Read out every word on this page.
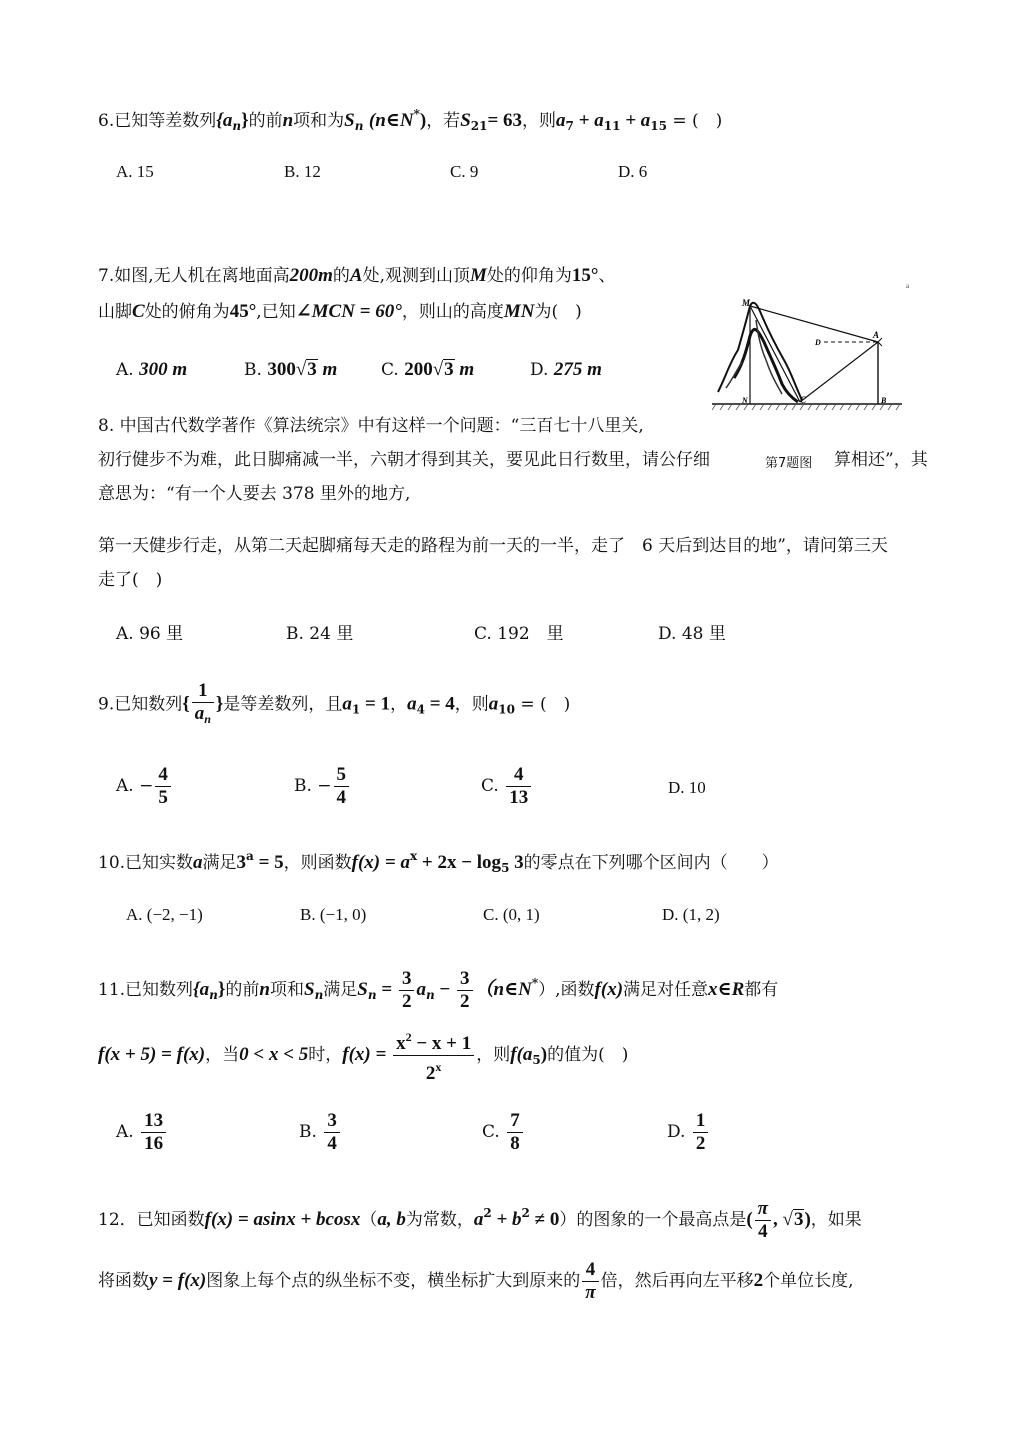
6.已知等差数列$\{a_n\}$的前n项和为$S_n$ (n∈N*)，若$S_{21}= 63$，则$a_7 + a_{11} + a_{15}$ = (　)
A. 15	B. 12	C. 9	D. 6
7.如图,无人机在离地面高200m的A处,观测到山顶M处的仰角为15°、
山脚C处的俯角为45°,已知∠MCN = 60°，则山的高度MN为(　)
A. 300 m	B. 300√3 m	C. 200√3 m	D. 275 m
M
A
D
N	C	B
a
第7题图
8. 中国古代数学著作《算法统宗》中有这样一个问题：“三百七十八里关,
初行健步不为难，此日脚痛减一半，六朝才得到其关，要见此日行数里，请公仔细	算相还”，其
意思为：“有一个人要去 378 里外的地方,
第一天健步行走，从第二天起脚痛每天走的路程为前一天的一半，走了　6 天后到达目的地”，请问第三天
走了(　)
A. 96 里	B. 24 里	C. 192　里	D. 48 里
9.已知数列{ $\frac{1}{a_n}$ }是等差数列，且$a_1 = 1$，$a_4 = 4$，则$a_{10}$ = (　)
A. − $\frac{4}{5}$	B. − $\frac{5}{4}$	C. $\frac{4}{13}$	D. 10
10.已知实数a满足$3^a = 5$，则函数$f(x) = a^x + 2x - \log_5 3$的零点在下列哪个区间内（　　）
A. (−2, −1)	B. (−1, 0)	C. (0, 1)	D. (1, 2)
11.已知数列$\{a_n\}$的前n项和$S_n$满足$S_n = \frac{3}{2} a_n - \frac{3}{2}$ （n∈N*）,函数f(x)满足对任意x∈R都有
f(x + 5) = f(x)，当0 < x < 5时，$f(x) = \frac{x^2 - x + 1}{2^x}$ ，则$f(a_5)$的值为(　)
A. $\frac{13}{16}$	B. $\frac{3}{4}$	C. $\frac{7}{8}$	D. $\frac{1}{2}$
12．已知函数f(x) = asinx + bcosx（a, b为常数，$a^2 + b^2 \ne 0$）的图象的一个最高点是( $\frac{\pi}{4}$ , √3)，如果
将函数y = f(x)图象上每个点的纵坐标不变，横坐标扩大到原来的 $\frac{4}{\pi}$ 倍，然后再向左平移2个单位长度,
